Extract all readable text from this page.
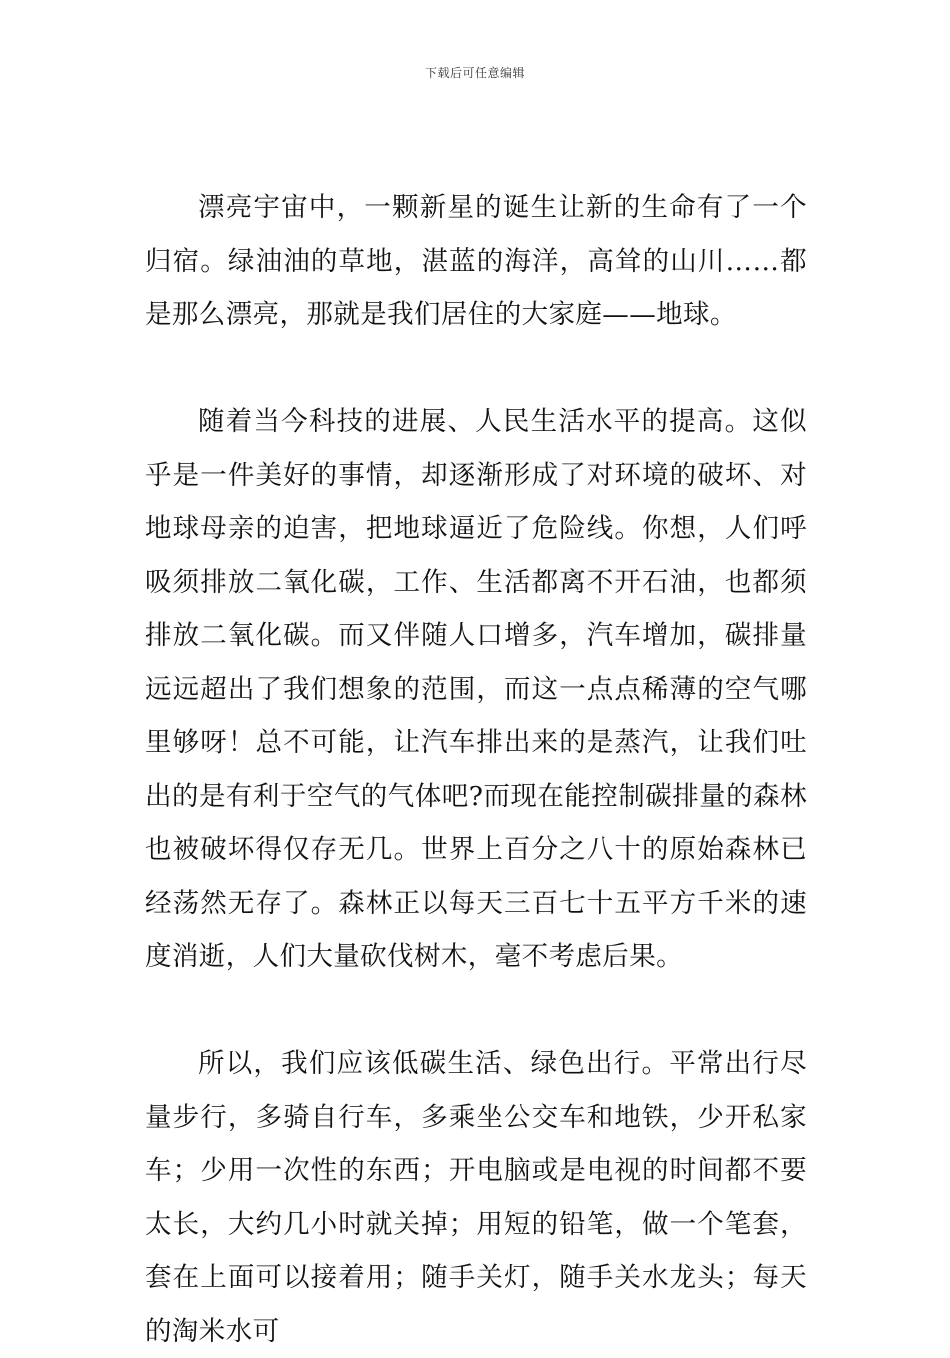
下载后可任意编辑

漂亮宇宙中，一颗新星的诞生让新的生命有了一个归宿。绿油油的草地，湛蓝的海洋，高耸的山川……都是那么漂亮，那就是我们居住的大家庭——地球。

随着当今科技的进展、人民生活水平的提高。这似乎是一件美好的事情，却逐渐形成了对环境的破坏、对地球母亲的迫害，把地球逼近了危险线。你想，人们呼吸须排放二氧化碳，工作、生活都离不开石油，也都须排放二氧化碳。而又伴随人口增多，汽车增加，碳排量远远超出了我们想象的范围，而这一点点稀薄的空气哪里够呀！总不可能，让汽车排出来的是蒸汽，让我们吐出的是有利于空气的气体吧?而现在能控制碳排量的森林也被破坏得仅存无几。世界上百分之八十的原始森林已经荡然无存了。森林正以每天三百七十五平方千米的速度消逝，人们大量砍伐树木，毫不考虑后果。

所以，我们应该低碳生活、绿色出行。平常出行尽量步行，多骑自行车，多乘坐公交车和地铁，少开私家车；少用一次性的东西；开电脑或是电视的时间都不要太长，大约几小时就关掉；用短的铅笔，做一个笔套，套在上面可以接着用；随手关灯，随手关水龙头；每天的淘米水可
